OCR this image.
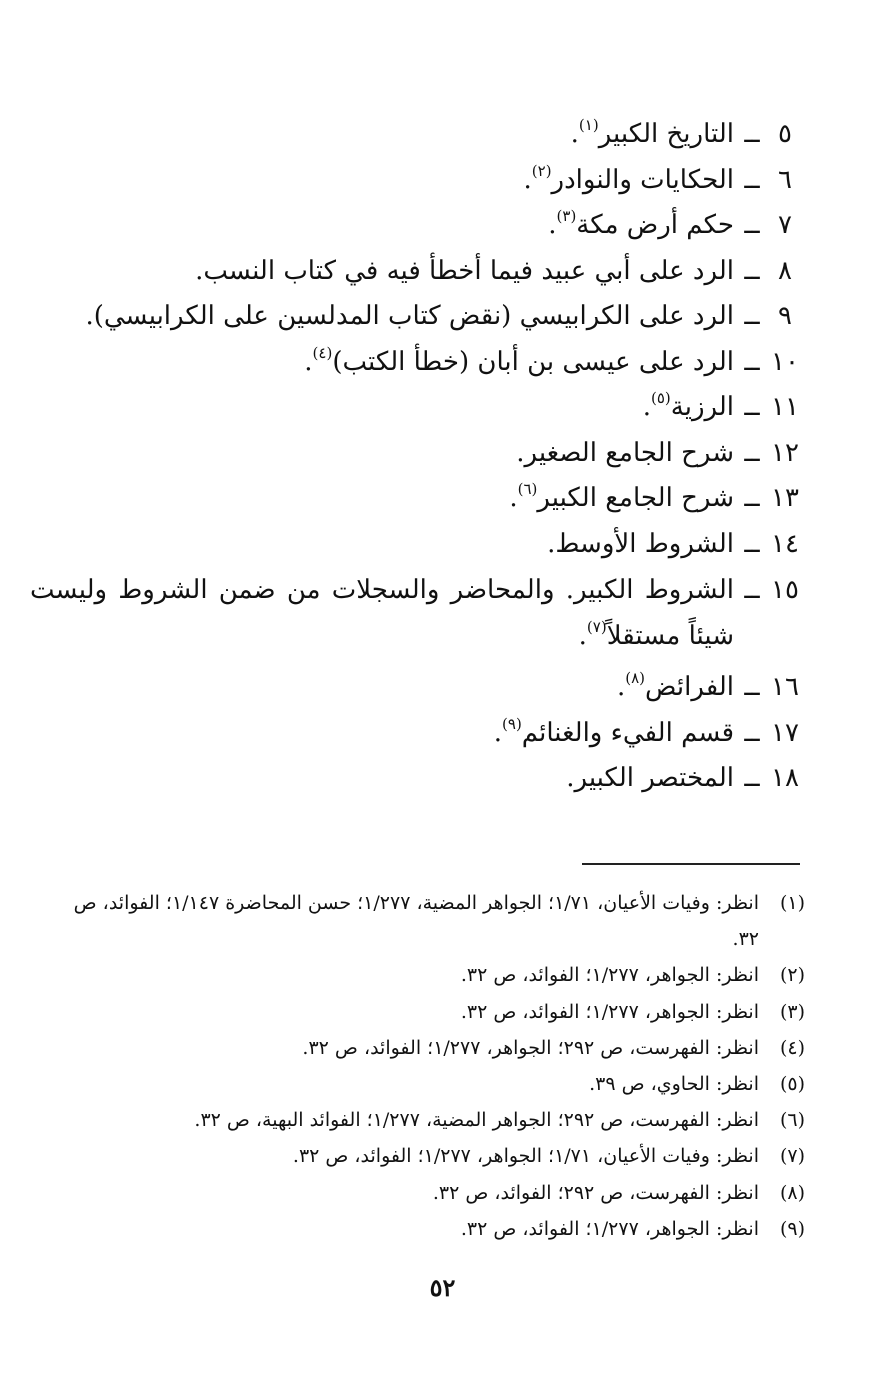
٥
ــ
التاريخ الكبير$^{(١)}$.
٦
ــ
الحكايات والنوادر$^{(٢)}$.
٧
ــ
حكم أرض مكة$^{(٣)}$.
٨
ــ
الرد على أبي عبيد فيما أخطأ فيه في كتاب النسب.
٩
ــ
الرد على الكرابيسي (نقض كتاب المدلسين على الكرابيسي).
١٠
ــ
الرد على عيسى بن أبان (خطأ الكتب)$^{(٤)}$.
١١
ــ
الرزية$^{(٥)}$.
١٢
ــ
شرح الجامع الصغير.
١٣
ــ
شرح الجامع الكبير$^{(٦)}$.
١٤
ــ
الشروط الأوسط.
١٥
ــ
الشروط الكبير. والمحاضر والسجلات من ضمن الشروط وليست شيئاً مستقلاً$^{(٧)}$.
١٦
ــ
الفرائض$^{(٨)}$.
١٧
ــ
قسم الفيء والغنائم$^{(٩)}$.
١٨
ــ
المختصر الكبير.
(١)
انظر: وفيات الأعيان، ١/٧١؛ الجواهر المضية، ١/٢٧٧؛ حسن المحاضرة ١/١٤٧؛ الفوائد، ص ٣٢.
(٢)
انظر: الجواهر، ١/٢٧٧؛ الفوائد، ص ٣٢.
(٣)
انظر: الجواهر، ١/٢٧٧؛ الفوائد، ص ٣٢.
(٤)
انظر: الفهرست، ص ٢٩٢؛ الجواهر، ١/٢٧٧؛ الفوائد، ص ٣٢.
(٥)
انظر: الحاوي، ص ٣٩.
(٦)
انظر: الفهرست، ص ٢٩٢؛ الجواهر المضية، ١/٢٧٧؛ الفوائد البهية، ص ٣٢.
(٧)
انظر: وفيات الأعيان، ١/٧١؛ الجواهر، ١/٢٧٧؛ الفوائد، ص ٣٢.
(٨)
انظر: الفهرست، ص ٢٩٢؛ الفوائد، ص ٣٢.
(٩)
انظر: الجواهر، ١/٢٧٧؛ الفوائد، ص ٣٢.
٥٢
